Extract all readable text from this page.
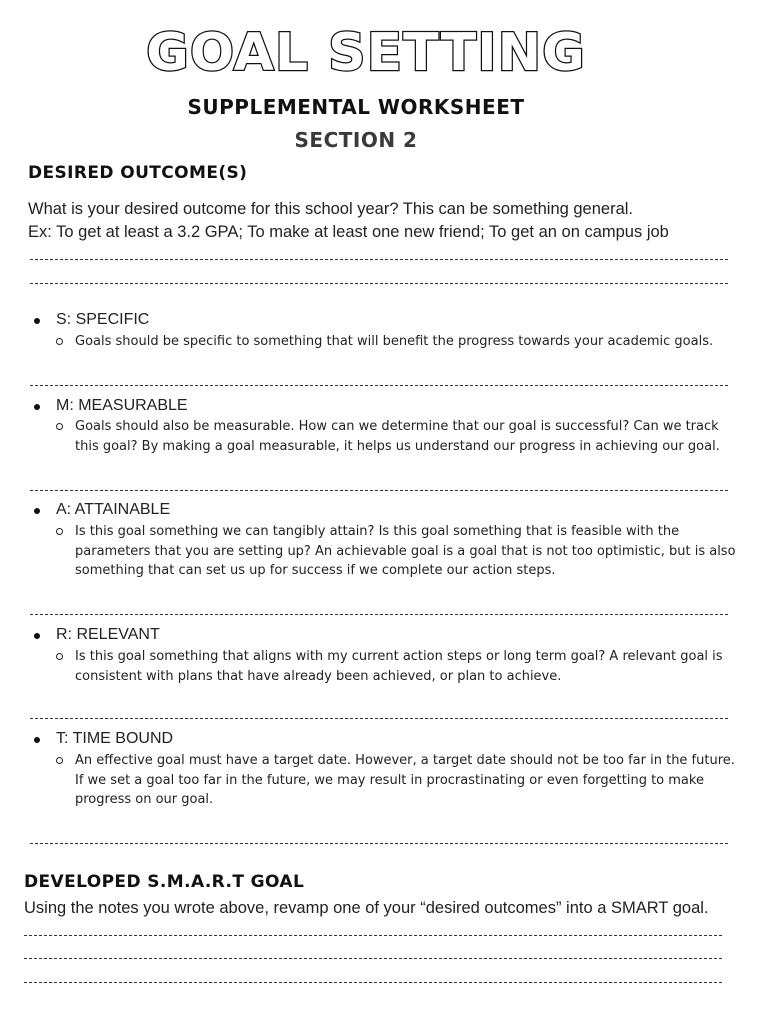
GOAL SETTING
SUPPLEMENTAL WORKSHEET
SECTION 2
DESIRED OUTCOME(S)
What is your desired outcome for this school year? This can be something general.
Ex: To get at least a 3.2 GPA; To make at least one new friend; To get an on campus job
S: SPECIFIC
Goals should be specific to something that will benefit the progress towards your academic goals.
M: MEASURABLE
Goals should also be measurable. How can we determine that our goal is successful? Can we track this goal? By making a goal measurable, it helps us understand our progress in achieving our goal.
A: ATTAINABLE
Is this goal something we can tangibly attain? Is this goal something that is feasible with the parameters that you are setting up? An achievable goal is a goal that is not too optimistic, but is also something that can set us up for success if we complete our action steps.
R: RELEVANT
Is this goal something that aligns with my current action steps or long term goal? A relevant goal is consistent with plans that have already been achieved, or plan to achieve.
T: TIME BOUND
An effective goal must have a target date. However, a target date should not be too far in the future. If we set a goal too far in the future, we may result in procrastinating or even forgetting to make progress on our goal.
DEVELOPED S.M.A.R.T GOAL
Using the notes you wrote above, revamp one of your “desired outcomes” into a SMART goal.
